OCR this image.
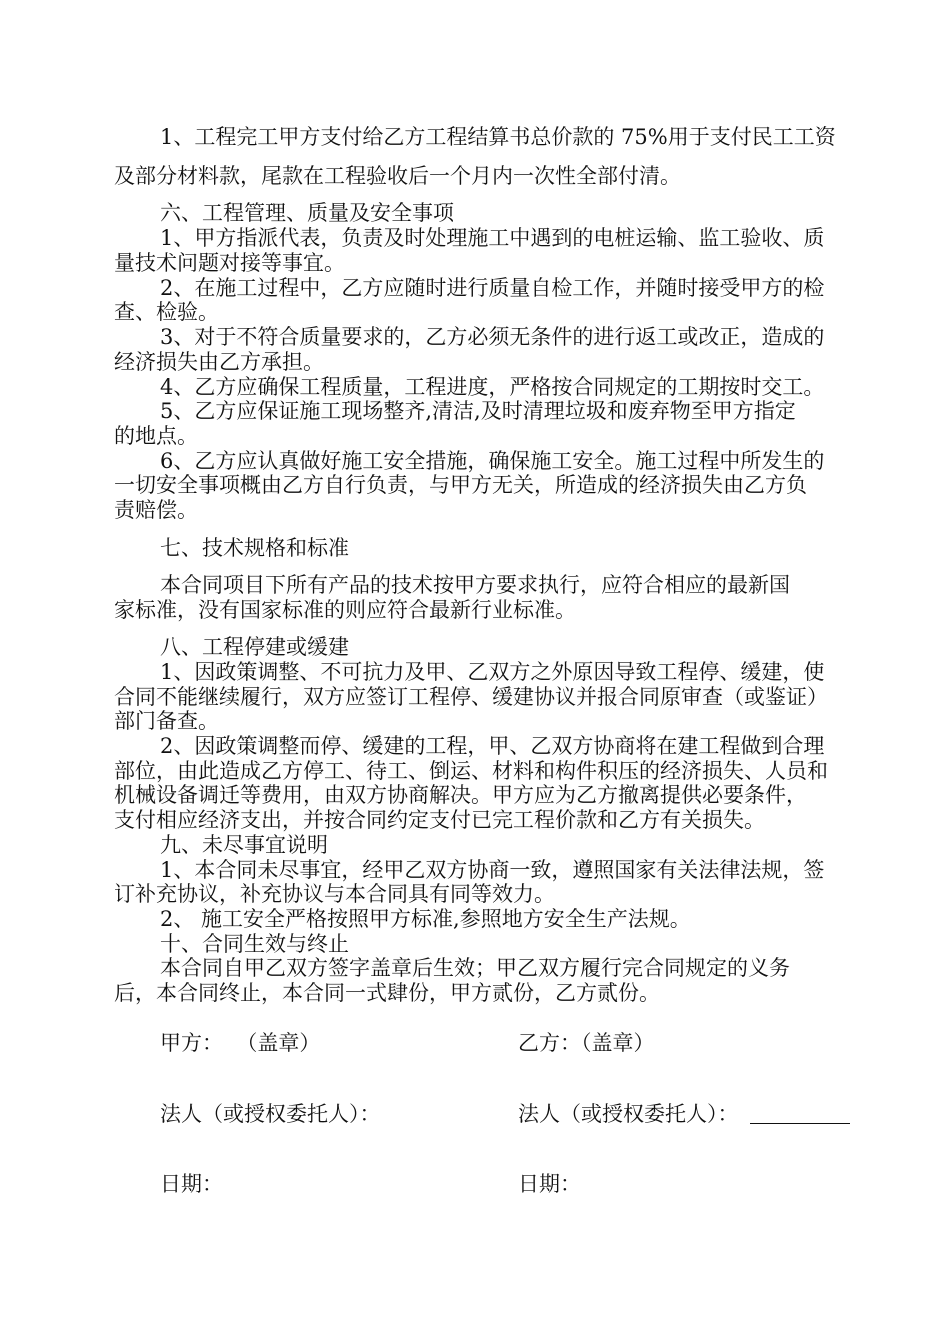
1、工程完工甲方支付给乙方工程结算书总价款的 75%用于支付民工工资
及部分材料款，尾款在工程验收后一个月内一次性全部付清。
六、工程管理、质量及安全事项
1、甲方指派代表，负责及时处理施工中遇到的电桩运输、监工验收、质
量技术问题对接等事宜。
2、在施工过程中，乙方应随时进行质量自检工作，并随时接受甲方的检
查、检验。
3、对于不符合质量要求的，乙方必须无条件的进行返工或改正，造成的
经济损失由乙方承担。
4、乙方应确保工程质量，工程进度，严格按合同规定的工期按时交工。
5、乙方应保证施工现场整齐,清洁,及时清理垃圾和废弃物至甲方指定
的地点。
6、乙方应认真做好施工安全措施，确保施工安全。施工过程中所发生的
一切安全事项概由乙方自行负责，与甲方无关，所造成的经济损失由乙方负
责赔偿。
七、技术规格和标准
本合同项目下所有产品的技术按甲方要求执行，应符合相应的最新国
家标准，没有国家标准的则应符合最新行业标准。
八、工程停建或缓建
1、因政策调整、不可抗力及甲、乙双方之外原因导致工程停、缓建，使
合同不能继续履行，双方应签订工程停、缓建协议并报合同原审查（或鉴证）
部门备查。
2、因政策调整而停、缓建的工程，甲、乙双方协商将在建工程做到合理
部位，由此造成乙方停工、待工、倒运、材料和构件积压的经济损失、人员和
机械设备调迁等费用，由双方协商解决。甲方应为乙方撤离提供必要条件，
支付相应经济支出，并按合同约定支付已完工程价款和乙方有关损失。
九、未尽事宜说明
1、本合同未尽事宜，经甲乙双方协商一致，遵照国家有关法律法规，签
订补充协议，补充协议与本合同具有同等效力。
2、 施工安全严格按照甲方标准,参照地方安全生产法规。
十、合同生效与终止
本合同自甲乙双方签字盖章后生效；甲乙双方履行完合同规定的义务
后，本合同终止，本合同一式肆份，甲方贰份，乙方贰份。
甲方：  （盖章）	乙方：（盖章）
法人（或授权委托人）：	法人（或授权委托人）：
日期：	日期：
